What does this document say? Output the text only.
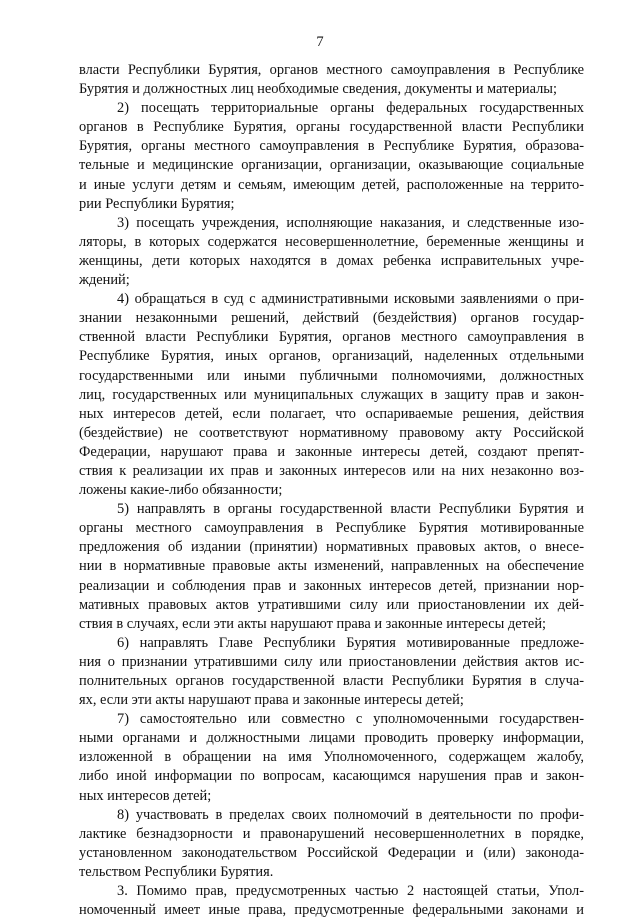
7
власти Республики Бурятия, органов местного самоуправления в Республике
Бурятия и должностных лиц необходимые сведения, документы и материалы;
2) посещать территориальные органы федеральных государственных
органов в Республике Бурятия, органы государственной власти Республики
Бурятия, органы местного самоуправления в Республике Бурятия, образова-
тельные и медицинские организации, организации, оказывающие социальные
и иные услуги детям и семьям, имеющим детей, расположенные на террито-
рии Республики Бурятия;
3) посещать учреждения, исполняющие наказания, и следственные изо-
ляторы, в которых содержатся несовершеннолетние, беременные женщины и
женщины, дети которых находятся в домах ребенка исправительных учре-
ждений;
4) обращаться в суд с административными исковыми заявлениями о при-
знании незаконными решений, действий (бездействия) органов государ-
ственной власти Республики Бурятия, органов местного самоуправления в
Республике Бурятия, иных органов, организаций, наделенных отдельными
государственными или иными публичными полномочиями, должностных
лиц, государственных или муниципальных служащих в защиту прав и закон-
ных интересов детей, если полагает, что оспариваемые решения, действия
(бездействие) не соответствуют нормативному правовому акту Российской
Федерации, нарушают права и законные интересы детей, создают препят-
ствия к реализации их прав и законных интересов или на них незаконно воз-
ложены какие-либо обязанности;
5) направлять в органы государственной власти Республики Бурятия и
органы местного самоуправления в Республике Бурятия мотивированные
предложения об издании (принятии) нормативных правовых актов, о внесе-
нии в нормативные правовые акты изменений, направленных на обеспечение
реализации и соблюдения прав и законных интересов детей, признании нор-
мативных правовых актов утратившими силу или приостановлении их дей-
ствия в случаях, если эти акты нарушают права и законные интересы детей;
6) направлять Главе Республики Бурятия мотивированные предложе-
ния о признании утратившими силу или приостановлении действия актов ис-
полнительных органов государственной власти Республики Бурятия в случа-
ях, если эти акты нарушают права и законные интересы детей;
7) самостоятельно или совместно с уполномоченными государствен-
ными органами и должностными лицами проводить проверку информации,
изложенной в обращении на имя Уполномоченного, содержащем жалобу,
либо иной информации по вопросам, касающимся нарушения прав и закон-
ных интересов детей;
8) участвовать в пределах своих полномочий в деятельности по профи-
лактике безнадзорности и правонарушений несовершеннолетних в порядке,
установленном законодательством Российской Федерации и (или) законода-
тельством Республики Бурятия.
3. Помимо прав, предусмотренных частью 2 настоящей статьи, Упол-
номоченный имеет иные права, предусмотренные федеральными законами и
